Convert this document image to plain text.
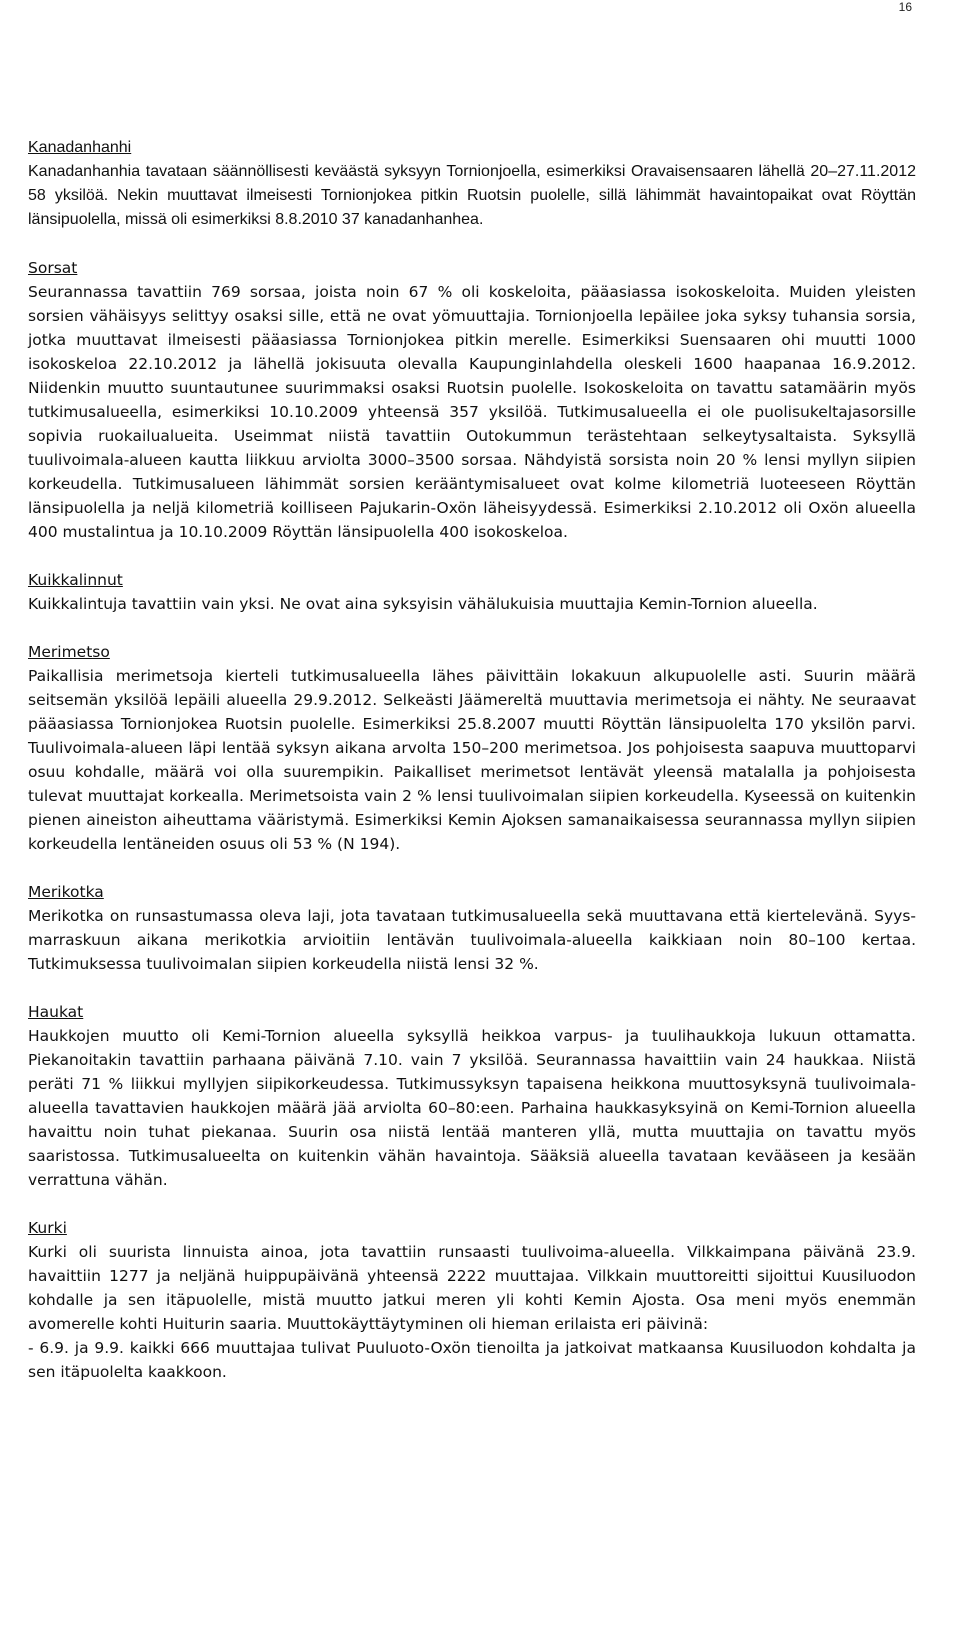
16

Kanadanhanhi

Kanadanhanhia tavataan säännöllisesti keväästä syksyyn Tornionjoella, esimerkiksi Oravaisensaaren lähellä 20–27.11.2012 58 yksilöä. Nekin muuttavat ilmeisesti Tornionjokea pitkin Ruotsin puolelle, sillä lähimmät havaintopaikat ovat Röyttän länsipuolella, missä oli esimerkiksi 8.8.2010 37 kanadanhanhea.

Sorsat

Seurannassa tavattiin 769 sorsaa, joista noin 67 % oli koskeloita, pääasiassa isokoskeloita. Muiden yleisten sorsien vähäisyys selittyy osaksi sille, että ne ovat yömuuttajia. Tornionjoella lepäilee joka syksy tuhansia sorsia, jotka muuttavat ilmeisesti pääasiassa Tornionjokea pitkin merelle. Esimerkiksi Suensaaren ohi muutti 1000 isokoskeloa 22.10.2012 ja lähellä jokisuuta olevalla Kaupunginlahdella oleskeli 1600 haapanaa 16.9.2012. Niidenkin muutto suuntautunee suurimmaksi osaksi Ruotsin puolelle. Isokoskeloita on tavattu satamäärin myös tutkimusalueella, esimerkiksi 10.10.2009 yhteensä 357 yksilöä. Tutkimusalueella ei ole puolisukeltajasorsille sopivia ruokailualueita. Useimmat niistä tavattiin Outokummun terästehtaan selkeytysaltaista. Syksyllä tuulivoimala-alueen kautta liikkuu arviolta 3000–3500 sorsaa. Nähdyistä sorsista noin 20 % lensi myllyn siipien korkeudella. Tutkimusalueen lähimmät sorsien kerääntymisalueet ovat kolme kilometriä luoteeseen Röyttän länsipuolella ja neljä kilometriä koilliseen Pajukarin-Oxön läheisyydessä. Esimerkiksi 2.10.2012 oli Oxön alueella 400 mustalintua ja 10.10.2009 Röyttän länsipuolella 400 isokoskeloa.

Kuikkalinnut

Kuikkalintuja tavattiin vain yksi. Ne ovat aina syksyisin vähälukuisia muuttajia Kemin-Tornion alueella.

Merimetso

Paikallisia merimetsoja kierteli tutkimusalueella lähes päivittäin lokakuun alkupuolelle asti. Suurin määrä seitsemän yksilöä lepäili alueella 29.9.2012. Selkeästi Jäämereltä muuttavia merimetsoja ei nähty. Ne seuraavat pääasiassa Tornionjokea Ruotsin puolelle. Esimerkiksi 25.8.2007 muutti Röyttän länsipuolelta 170 yksilön parvi. Tuulivoimala-alueen läpi lentää syksyn aikana arvolta 150–200 merimetsoa. Jos pohjoisesta saapuva muuttoparvi osuu kohdalle, määrä voi olla suurempikin. Paikalliset merimetsot lentävät yleensä matalalla ja pohjoisesta tulevat muuttajat korkealla. Merimetsoista vain 2 % lensi tuulivoimalan siipien korkeudella. Kyseessä on kuitenkin pienen aineiston aiheuttama vääristymä. Esimerkiksi Kemin Ajoksen samanaikaisessa seurannassa myllyn siipien korkeudella lentäneiden osuus oli 53 % (N 194).

Merikotka

Merikotka on runsastumassa oleva laji, jota tavataan tutkimusalueella sekä muuttavana että kiertelevänä. Syys-marraskuun aikana merikotkia arvioitiin lentävän tuulivoimala-alueella kaikkiaan noin 80–100 kertaa. Tutkimuksessa tuulivoimalan siipien korkeudella niistä lensi 32 %.

Haukat

Haukkojen muutto oli Kemi-Tornion alueella syksyllä heikkoa varpus- ja tuulihaukkoja lukuun ottamatta. Piekanoitakin tavattiin parhaana päivänä 7.10. vain 7 yksilöä. Seurannassa havaittiin vain 24 haukkaa. Niistä peräti 71 % liikkui myllyjen siipikorkeudessa. Tutkimussyksyn tapaisena heikkona muuttosyksynä tuulivoimala-alueella tavattavien haukkojen määrä jää arviolta 60–80:een. Parhaina haukkasyksyinä on Kemi-Tornion alueella havaittu noin tuhat piekanaa. Suurin osa niistä lentää manteren yllä, mutta muuttajia on tavattu myös saaristossa. Tutkimusalueelta on kuitenkin vähän havaintoja. Sääksiä alueella tavataan kevääseen ja kesään verrattuna vähän.

Kurki

Kurki oli suurista linnuista ainoa, jota tavattiin runsaasti tuulivoima-alueella. Vilkkaimpana päivänä 23.9. havaittiin 1277 ja neljänä huippupäivänä yhteensä 2222 muuttajaa. Vilkkain muuttoreitti sijoittui Kuusiluodon kohdalle ja sen itäpuolelle, mistä muutto jatkui meren yli kohti Kemin Ajosta. Osa meni myös enemmän avomerelle kohti Huiturin saaria. Muuttokäyttäytyminen oli hieman erilaista eri päivinä:

- 6.9. ja 9.9. kaikki 666 muuttajaa tulivat Puuluoto-Oxön tienoilta ja jatkoivat matkaansa Kuusiluodon kohdalta ja sen itäpuolelta kaakkoon.
